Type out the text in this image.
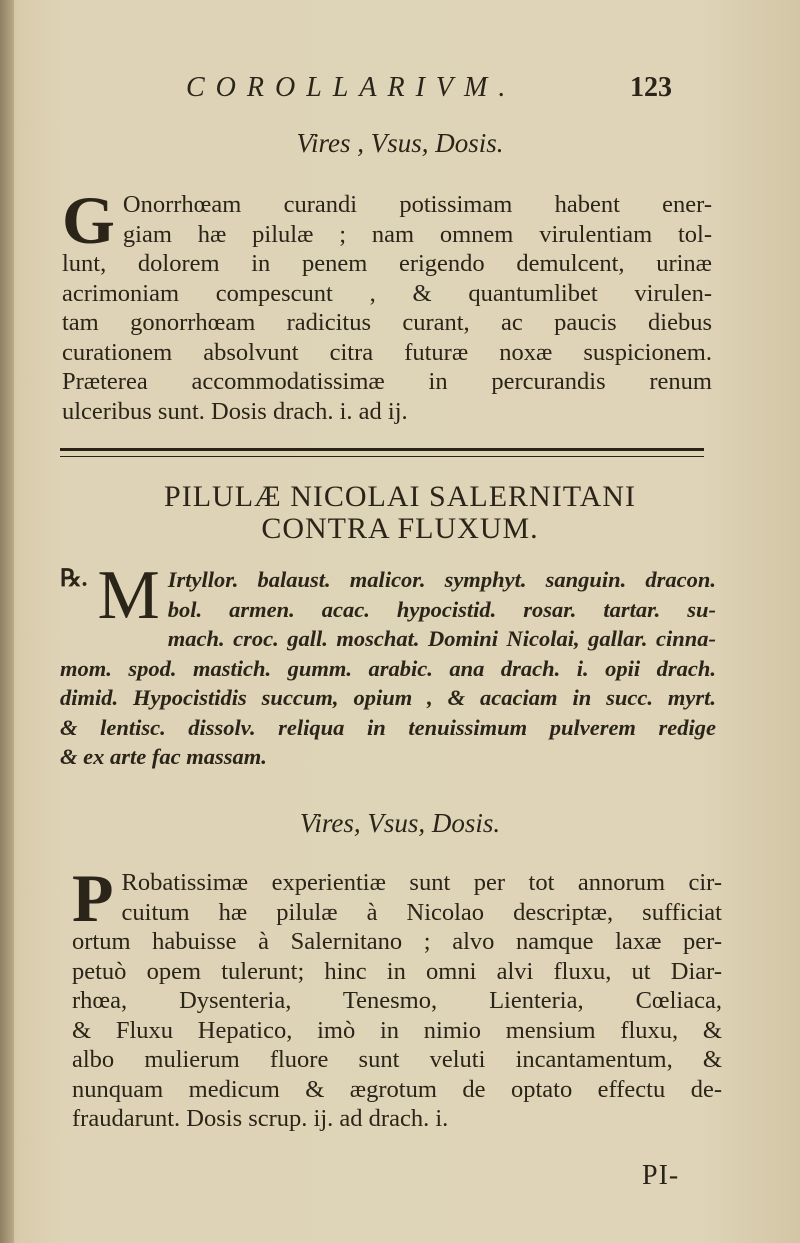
COROLLARIVM.	123
Vires , Vsus, Dosis.
G Onorrhœam curandi potissimam habent ener-
giam hæ pilulæ ; nam omnem virulentiam tol-
lunt, dolorem in penem erigendo demulcent, urinæ
acrimoniam compescunt , & quantumlibet virulen-
tam gonorrhœam radicitus curant, ac paucis diebus
curationem absolvunt citra futuræ noxæ suspicionem.
Præterea accommodatissimæ in percurandis renum
ulceribus sunt. Dosis drach. i. ad ij.
PILULÆ NICOLAI SALERNITANI
CONTRA FLUXUM.
℞. M Irtyllor. balaust. malicor. symphyt. sanguin. dracon.
bol. armen. acac. hypocistid. rosar. tartar. su-
mach. croc. gall. moschat. Domini Nicolai, gallar. cinna-
mom. spod. mastich. gumm. arabic. ana drach. i. opii drach.
dimid. Hypocistidis succum, opium , & acaciam in succ. myrt.
& lentisc. dissolv. reliqua in tenuissimum pulverem redige
& ex arte fac massam.
Vires, Vsus, Dosis.
P Robatissimæ experientiæ sunt per tot annorum cir-
cuitum hæ pilulæ à Nicolao descriptæ, sufficiat
ortum habuisse à Salernitano ; alvo namque laxæ per-
petuò opem tulerunt; hinc in omni alvi fluxu, ut Diar-
rhœa, Dysenteria, Tenesmo, Lienteria, Cœliaca,
& Fluxu Hepatico, imò in nimio mensium fluxu, &
albo mulierum fluore sunt veluti incantamentum, &
nunquam medicum & ægrotum de optato effectu de-
fraudarunt. Dosis scrup. ij. ad drach. i.
PI-
